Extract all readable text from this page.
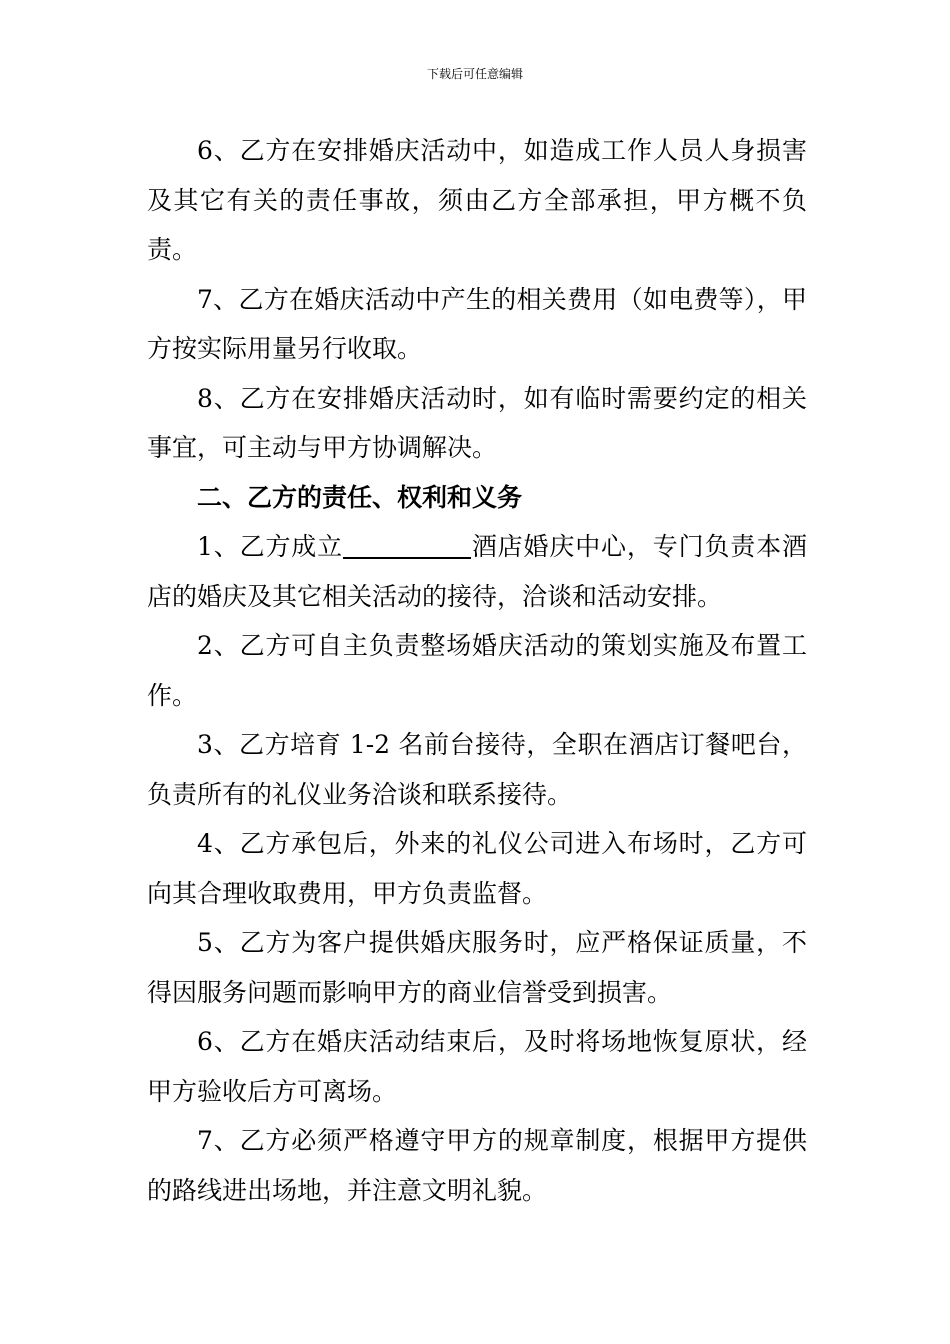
下载后可任意编辑

6、乙方在安排婚庆活动中，如造成工作人员人身损害及其它有关的责任事故，须由乙方全部承担，甲方概不负责。

7、乙方在婚庆活动中产生的相关费用（如电费等），甲方按实际用量另行收取。

8、乙方在安排婚庆活动时，如有临时需要约定的相关事宜，可主动与甲方协调解决。

二、乙方的责任、权利和义务

1、乙方成立	酒店婚庆中心，专门负责本酒店的婚庆及其它相关活动的接待，洽谈和活动安排。

2、乙方可自主负责整场婚庆活动的策划实施及布置工作。

3、乙方培育 1-2 名前台接待，全职在酒店订餐吧台，负责所有的礼仪业务洽谈和联系接待。

4、乙方承包后，外来的礼仪公司进入布场时，乙方可向其合理收取费用，甲方负责监督。

5、乙方为客户提供婚庆服务时，应严格保证质量，不得因服务问题而影响甲方的商业信誉受到损害。

6、乙方在婚庆活动结束后，及时将场地恢复原状，经甲方验收后方可离场。

7、乙方必须严格遵守甲方的规章制度，根据甲方提供的路线进出场地，并注意文明礼貌。
